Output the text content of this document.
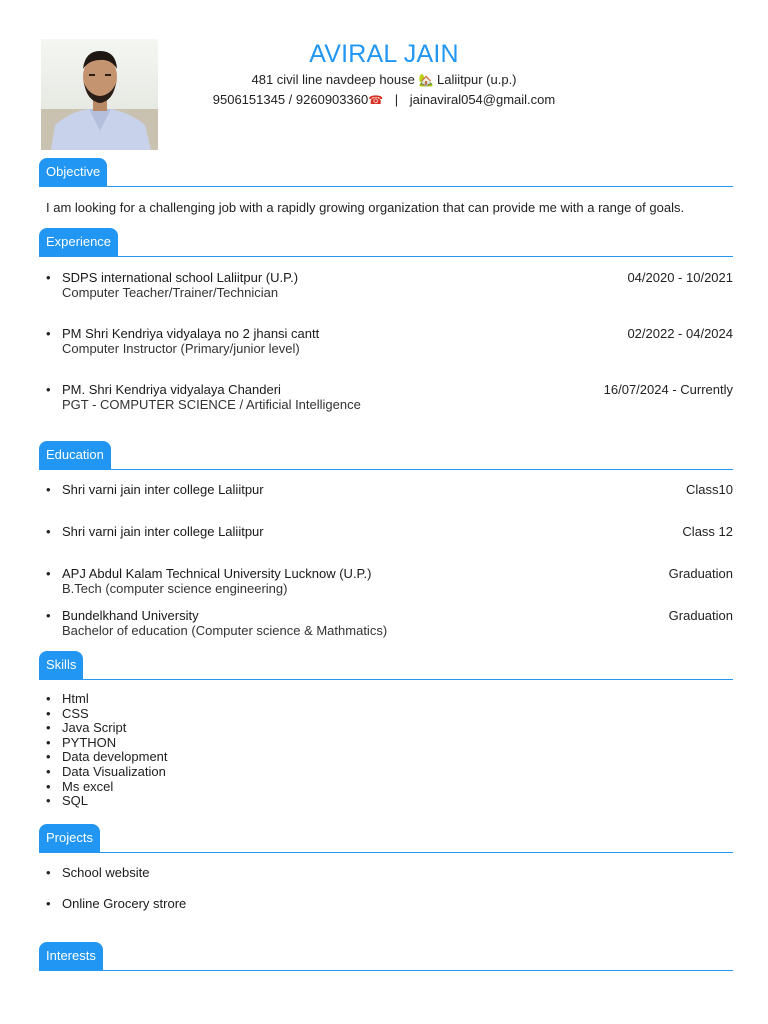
AVIRAL JAIN
481 civil line navdeep house 🏡 Laliitpur (u.p.)
9506151345 / 9260903360☎ | jainaviral054@gmail.com
Objective
I am looking for a challenging job with a rapidly growing organization that can provide me with a range of goals.
Experience
• SDPS international school Laliitpur (U.P.)
Computer Teacher/Trainer/Technician
04/2020 - 10/2021
• PM Shri Kendriya vidyalaya no 2 jhansi cantt
Computer Instructor (Primary/junior level)
02/2022 - 04/2024
• PM. Shri Kendriya vidyalaya Chanderi
PGT - COMPUTER SCIENCE / Artificial Intelligence
16/07/2024 - Currently
Education
• Shri varni jain inter college Laliitpur	Class10
• Shri varni jain inter college Laliitpur	Class 12
• APJ Abdul Kalam Technical University Lucknow (U.P.)
B.Tech (computer science engineering)
Graduation
• Bundelkhand University
Bachelor of education (Computer science & Mathmatics)
Graduation
Skills
• Html
• CSS
• Java Script
• PYTHON
• Data development
• Data Visualization
• Ms excel
• SQL
Projects
• School website
• Online Grocery strore
Interests
